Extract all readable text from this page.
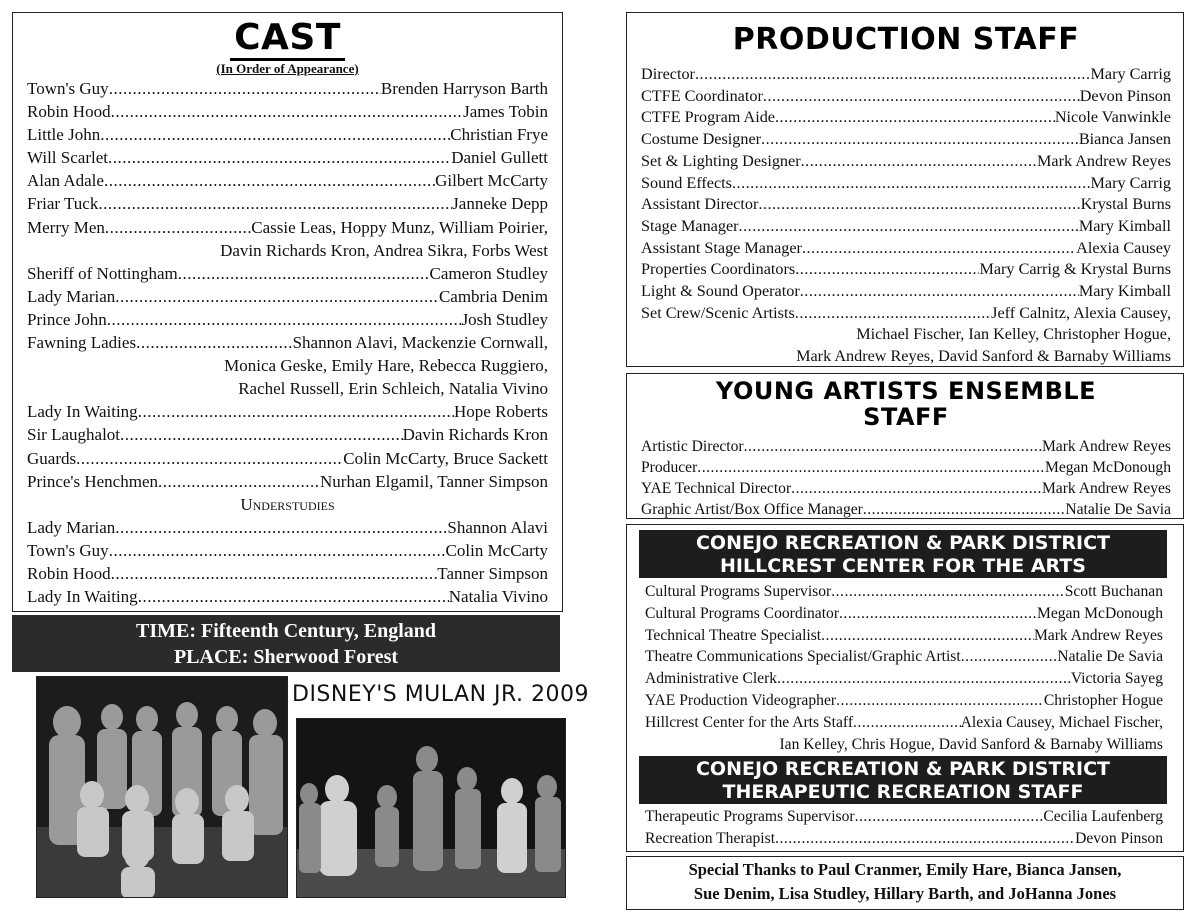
CAST
(In Order of Appearance)
Town's Guy .....	Brenden Harryson Barth
Robin Hood .....	James Tobin
Little John .....	Christian Frye
Will Scarlet .....	Daniel Gullett
Alan Adale .....	Gilbert McCarty
Friar Tuck .....	Janneke Depp
Merry Men .....	Cassie Leas, Hoppy Munz, William Poirier,
Davin Richards Kron, Andrea Sikra, Forbs West
Sheriff of Nottingham .....	Cameron Studley
Lady Marian .....	Cambria Denim
Prince John .....	Josh Studley
Fawning Ladies .....	Shannon Alavi, Mackenzie Cornwall,
Monica Geske, Emily Hare, Rebecca Ruggiero,
Rachel Russell, Erin Schleich, Natalia Vivino
Lady In Waiting .....	Hope Roberts
Sir Laughalot .....	Davin Richards Kron
Guards .....	Colin McCarty, Bruce Sackett
Prince's Henchmen .....	Nurhan Elgamil, Tanner Simpson
Understudies
Lady Marian .....	Shannon Alavi
Town's Guy .....	Colin McCarty
Robin Hood .....	Tanner Simpson
Lady In Waiting .....	Natalia Vivino
TIME: Fifteenth Century, England
PLACE: Sherwood Forest
DISNEY'S MULAN JR. 2009
PRODUCTION STAFF
Director .....	Mary Carrig
CTFE Coordinator .....	Devon Pinson
CTFE Program Aide .....	Nicole Vanwinkle
Costume Designer .....	Bianca Jansen
Set & Lighting Designer .....	Mark Andrew Reyes
Sound Effects .....	Mary Carrig
Assistant Director .....	Krystal Burns
Stage Manager .....	Mary Kimball
Assistant Stage Manager .....	Alexia Causey
Properties Coordinators .....	Mary Carrig & Krystal Burns
Light & Sound Operator .....	Mary Kimball
Set Crew/Scenic Artists .....	Jeff Calnitz, Alexia Causey,
Michael Fischer, Ian Kelley, Christopher Hogue,
Mark Andrew Reyes, David Sanford & Barnaby Williams
YOUNG ARTISTS ENSEMBLE
STAFF
Artistic Director .....	Mark Andrew Reyes
Producer .....	Megan McDonough
YAE Technical Director .....	Mark Andrew Reyes
Graphic Artist/Box Office Manager .....	Natalie De Savia
CONEJO RECREATION & PARK DISTRICT
HILLCREST CENTER FOR THE ARTS
Cultural Programs Supervisor .....	Scott Buchanan
Cultural Programs Coordinator .....	Megan McDonough
Technical Theatre Specialist .....	Mark Andrew Reyes
Theatre Communications Specialist/Graphic Artist .....	Natalie De Savia
Administrative Clerk .....	Victoria Sayeg
YAE Production Videographer .....	Christopher Hogue
Hillcrest Center for the Arts Staff .....	Alexia Causey, Michael Fischer,
Ian Kelley, Chris Hogue, David Sanford & Barnaby Williams
CONEJO RECREATION & PARK DISTRICT
THERAPEUTIC RECREATION STAFF
Therapeutic Programs Supervisor .....	Cecilia Laufenberg
Recreation Therapist .....	Devon Pinson
Special Thanks to Paul Cranmer, Emily Hare, Bianca Jansen,
Sue Denim, Lisa Studley, Hillary Barth, and JoHanna Jones
